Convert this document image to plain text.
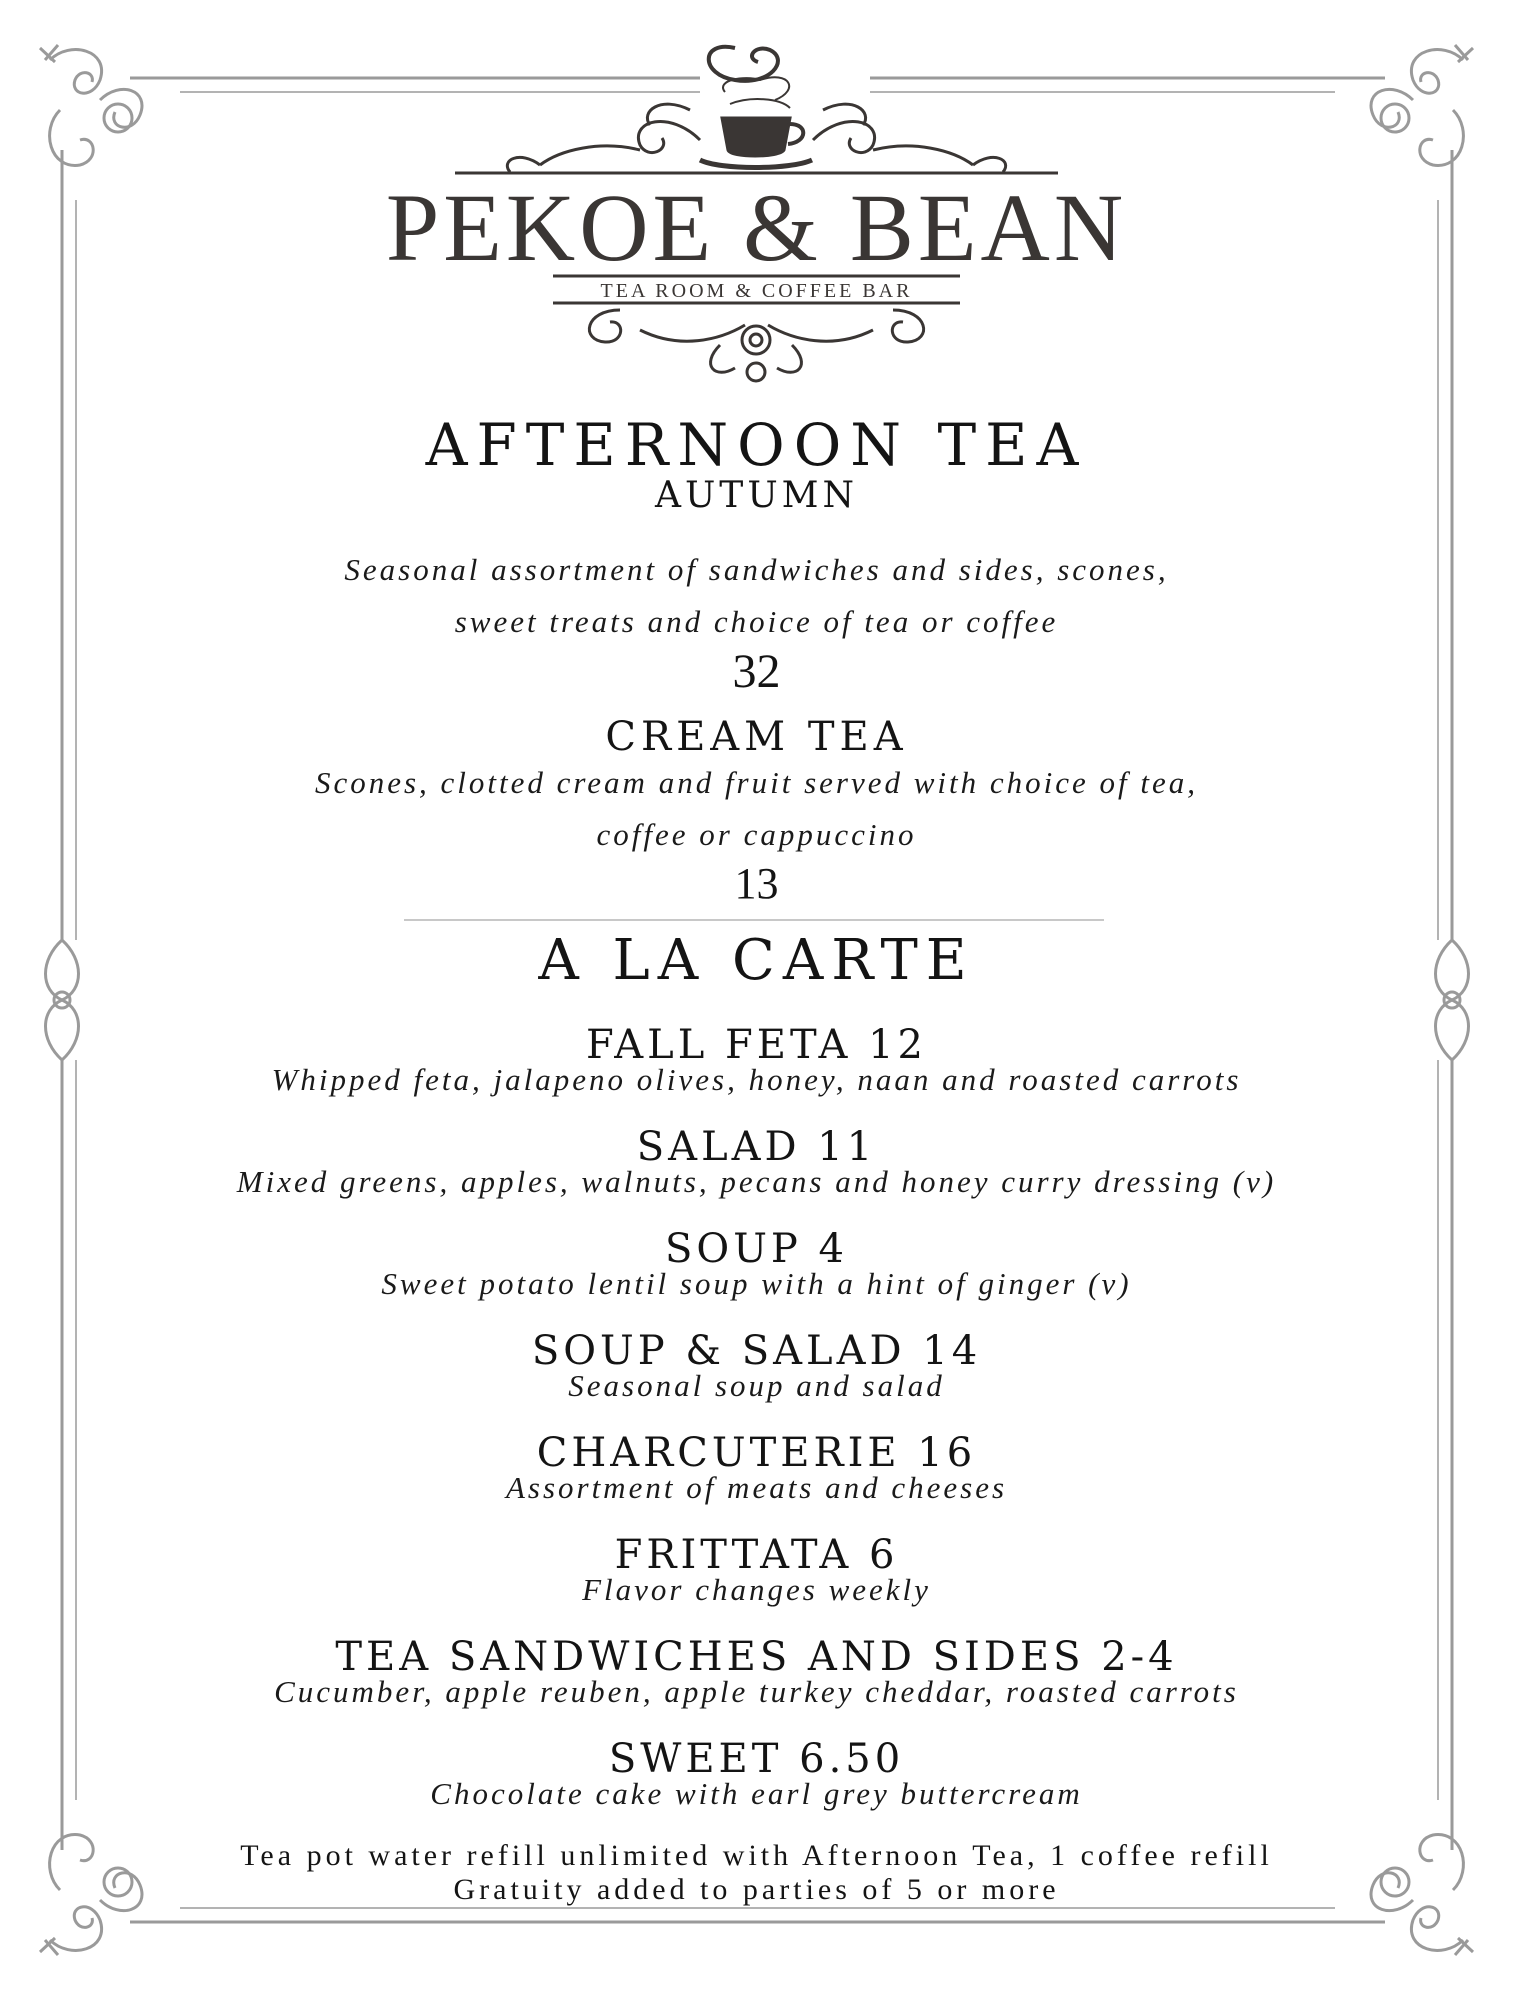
PEKOE & BEAN
TEA ROOM & COFFEE BAR
AFTERNOON TEA
AUTUMN
Seasonal assortment of sandwiches and sides, scones,
sweet treats and choice of tea or coffee
32
CREAM TEA
Scones, clotted cream and fruit served with choice of tea,
coffee or cappuccino
13
A LA CARTE
FALL FETA 12
Whipped feta, jalapeno olives, honey, naan and roasted carrots
SALAD 11
Mixed greens, apples, walnuts, pecans and honey curry dressing (v)
SOUP 4
Sweet potato lentil soup with a hint of ginger (v)
SOUP & SALAD 14
Seasonal soup and salad
CHARCUTERIE 16
Assortment of meats and cheeses
FRITTATA 6
Flavor changes weekly
TEA SANDWICHES AND SIDES 2-4
Cucumber, apple reuben, apple turkey cheddar, roasted carrots
SWEET 6.50
Chocolate cake with earl grey buttercream
Tea pot water refill unlimited with Afternoon Tea, 1 coffee refill
Gratuity added to parties of 5 or more
